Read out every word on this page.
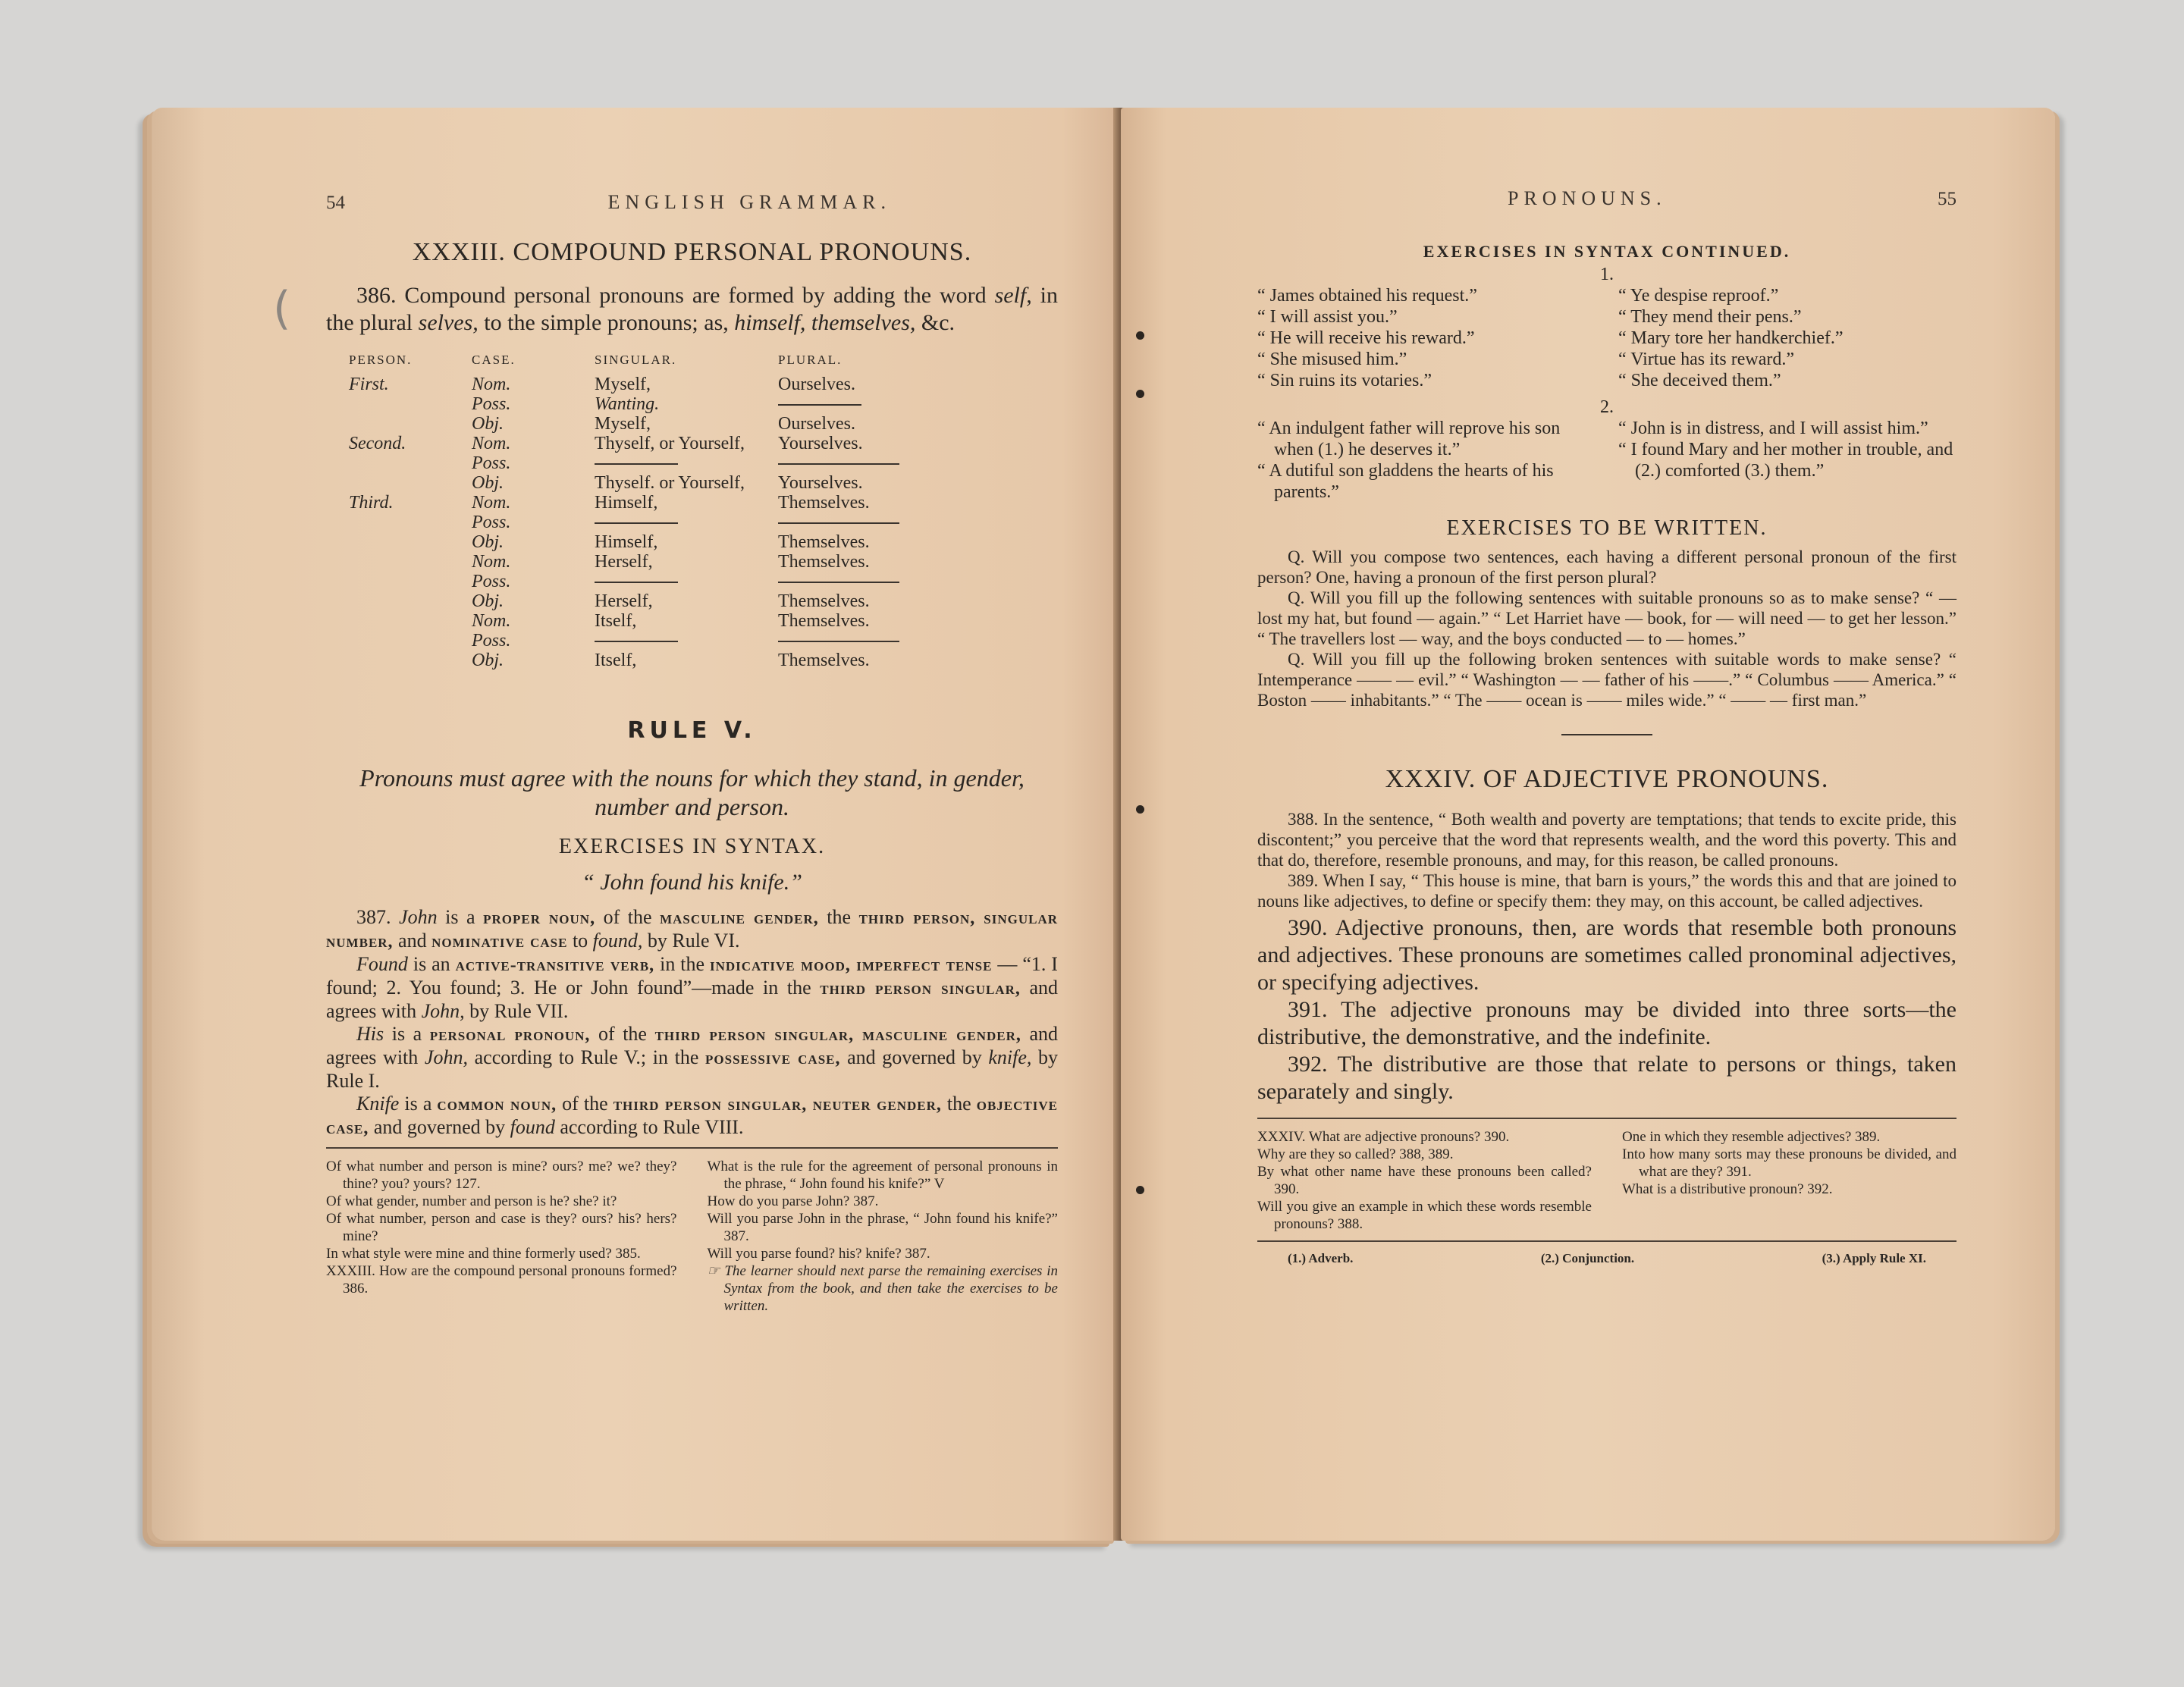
54	ENGLISH GRAMMAR.
XXXIII. COMPOUND PERSONAL PRONOUNS.

386. Compound personal pronouns are formed by adding the word self, in the plural selves, to the simple pronouns; as, himself, themselves, &c.

PERSON.	CASE.	SINGULAR.	PLURAL.
First.	Nom.	Myself,	Ourselves.
	Poss.	Wanting.	
	Obj.	Myself,	Ourselves.
Second.	Nom.	Thyself, or Yourself,	Yourselves.
	Poss.		
	Obj.	Thyself. or Yourself,	Yourselves.
Third.	Nom.	Himself,	Themselves.
	Poss.		
	Obj.	Himself,	Themselves.
	Nom.	Herself,	Themselves.
	Poss.		
	Obj.	Herself,	Themselves.
	Nom.	Itself,	Themselves.
	Poss.		
	Obj.	Itself,	Themselves.
RULE V.

Pronouns must agree with the nouns for which they stand, in gender, number and person.

EXERCISES IN SYNTAX.
“ John found his knife.”

387. John is a proper noun, of the masculine gender, the third person, singular number, and nominative case to found, by Rule VI.

Found is an active-transitive verb, in the indicative mood, imperfect tense — “1. I found; 2. You found; 3. He or John found”—made in the third person singular, and agrees with John, by Rule VII.

His is a personal pronoun, of the third person singular, masculine gender, and agrees with John, according to Rule V.; in the possessive case, and governed by knife, by Rule I.

Knife is a common noun, of the third person singular, neuter gender, the objective case, and governed by found according to Rule VIII.

Of what number and person is mine? ours? me? we? they? thine? you? yours? 127.

Of what gender, number and person is he? she? it?

Of what number, person and case is they? ours? his? hers? mine?

In what style were mine and thine formerly used? 385.

XXXIII. How are the compound personal pronouns formed? 386.

What is the rule for the agreement of personal pronouns in the phrase, “ John found his knife?” V

How do you parse John? 387.

Will you parse John in the phrase, “ John found his knife?” 387.

Will you parse found? his? knife? 387.

☞ The learner should next parse the remaining exercises in Syntax from the book, and then take the exercises to be written.

(
PRONOUNS.	55
EXERCISES IN SYNTAX CONTINUED.

1.

“ James obtained his request.”

“ I will assist you.”

“ He will receive his reward.”

“ She misused him.”

“ Sin ruins its votaries.”

“ Ye despise reproof.”

“ They mend their pens.”

“ Mary tore her handkerchief.”

“ Virtue has its reward.”

“ She deceived them.”

2.

“ An indulgent father will reprove his son when (1.) he deserves it.”

“ A dutiful son gladdens the hearts of his parents.”

“ John is in distress, and I will assist him.”

“ I found Mary and her mother in trouble, and (2.) comforted (3.) them.”

EXERCISES TO BE WRITTEN.

Q. Will you compose two sentences, each having a different personal pronoun of the first person? One, having a pronoun of the first person plural?

Q. Will you fill up the following sentences with suitable pronouns so as to make sense? “ — lost my hat, but found — again.” “ Let Harriet have — book, for — will need — to get her lesson.” “ The travellers lost — way, and the boys conducted — to — homes.”

Q. Will you fill up the following broken sentences with suitable words to make sense? “ Intemperance —— — evil.” “ Washington — — father of his ——.” “ Columbus —— America.” “ Boston —— inhabitants.” “ The —— ocean is —— miles wide.” “ —— — first man.”

XXXIV. OF ADJECTIVE PRONOUNS.

388. In the sentence, “ Both wealth and poverty are temptations; that tends to excite pride, this discontent;” you perceive that the word that represents wealth, and the word this poverty. This and that do, therefore, resemble pronouns, and may, for this reason, be called pronouns.

389. When I say, “ This house is mine, that barn is yours,” the words this and that are joined to nouns like adjectives, to define or specify them: they may, on this account, be called adjectives.

390. Adjective pronouns, then, are words that resemble both pronouns and adjectives. These pronouns are sometimes called pronominal adjectives, or specifying adjectives.

391. The adjective pronouns may be divided into three sorts—the distributive, the demonstrative, and the indefinite.

392. The distributive are those that relate to persons or things, taken separately and singly.

XXXIV. What are adjective pronouns? 390.

Why are they so called? 388, 389.

By what other name have these pronouns been called? 390.

Will you give an example in which these words resemble pronouns? 388.

One in which they resemble adjectives? 389.

Into how many sorts may these pronouns be divided, and what are they? 391.

What is a distributive pronoun? 392.

(1.) Adverb.	(2.) Conjunction.	(3.) Apply Rule XI.
